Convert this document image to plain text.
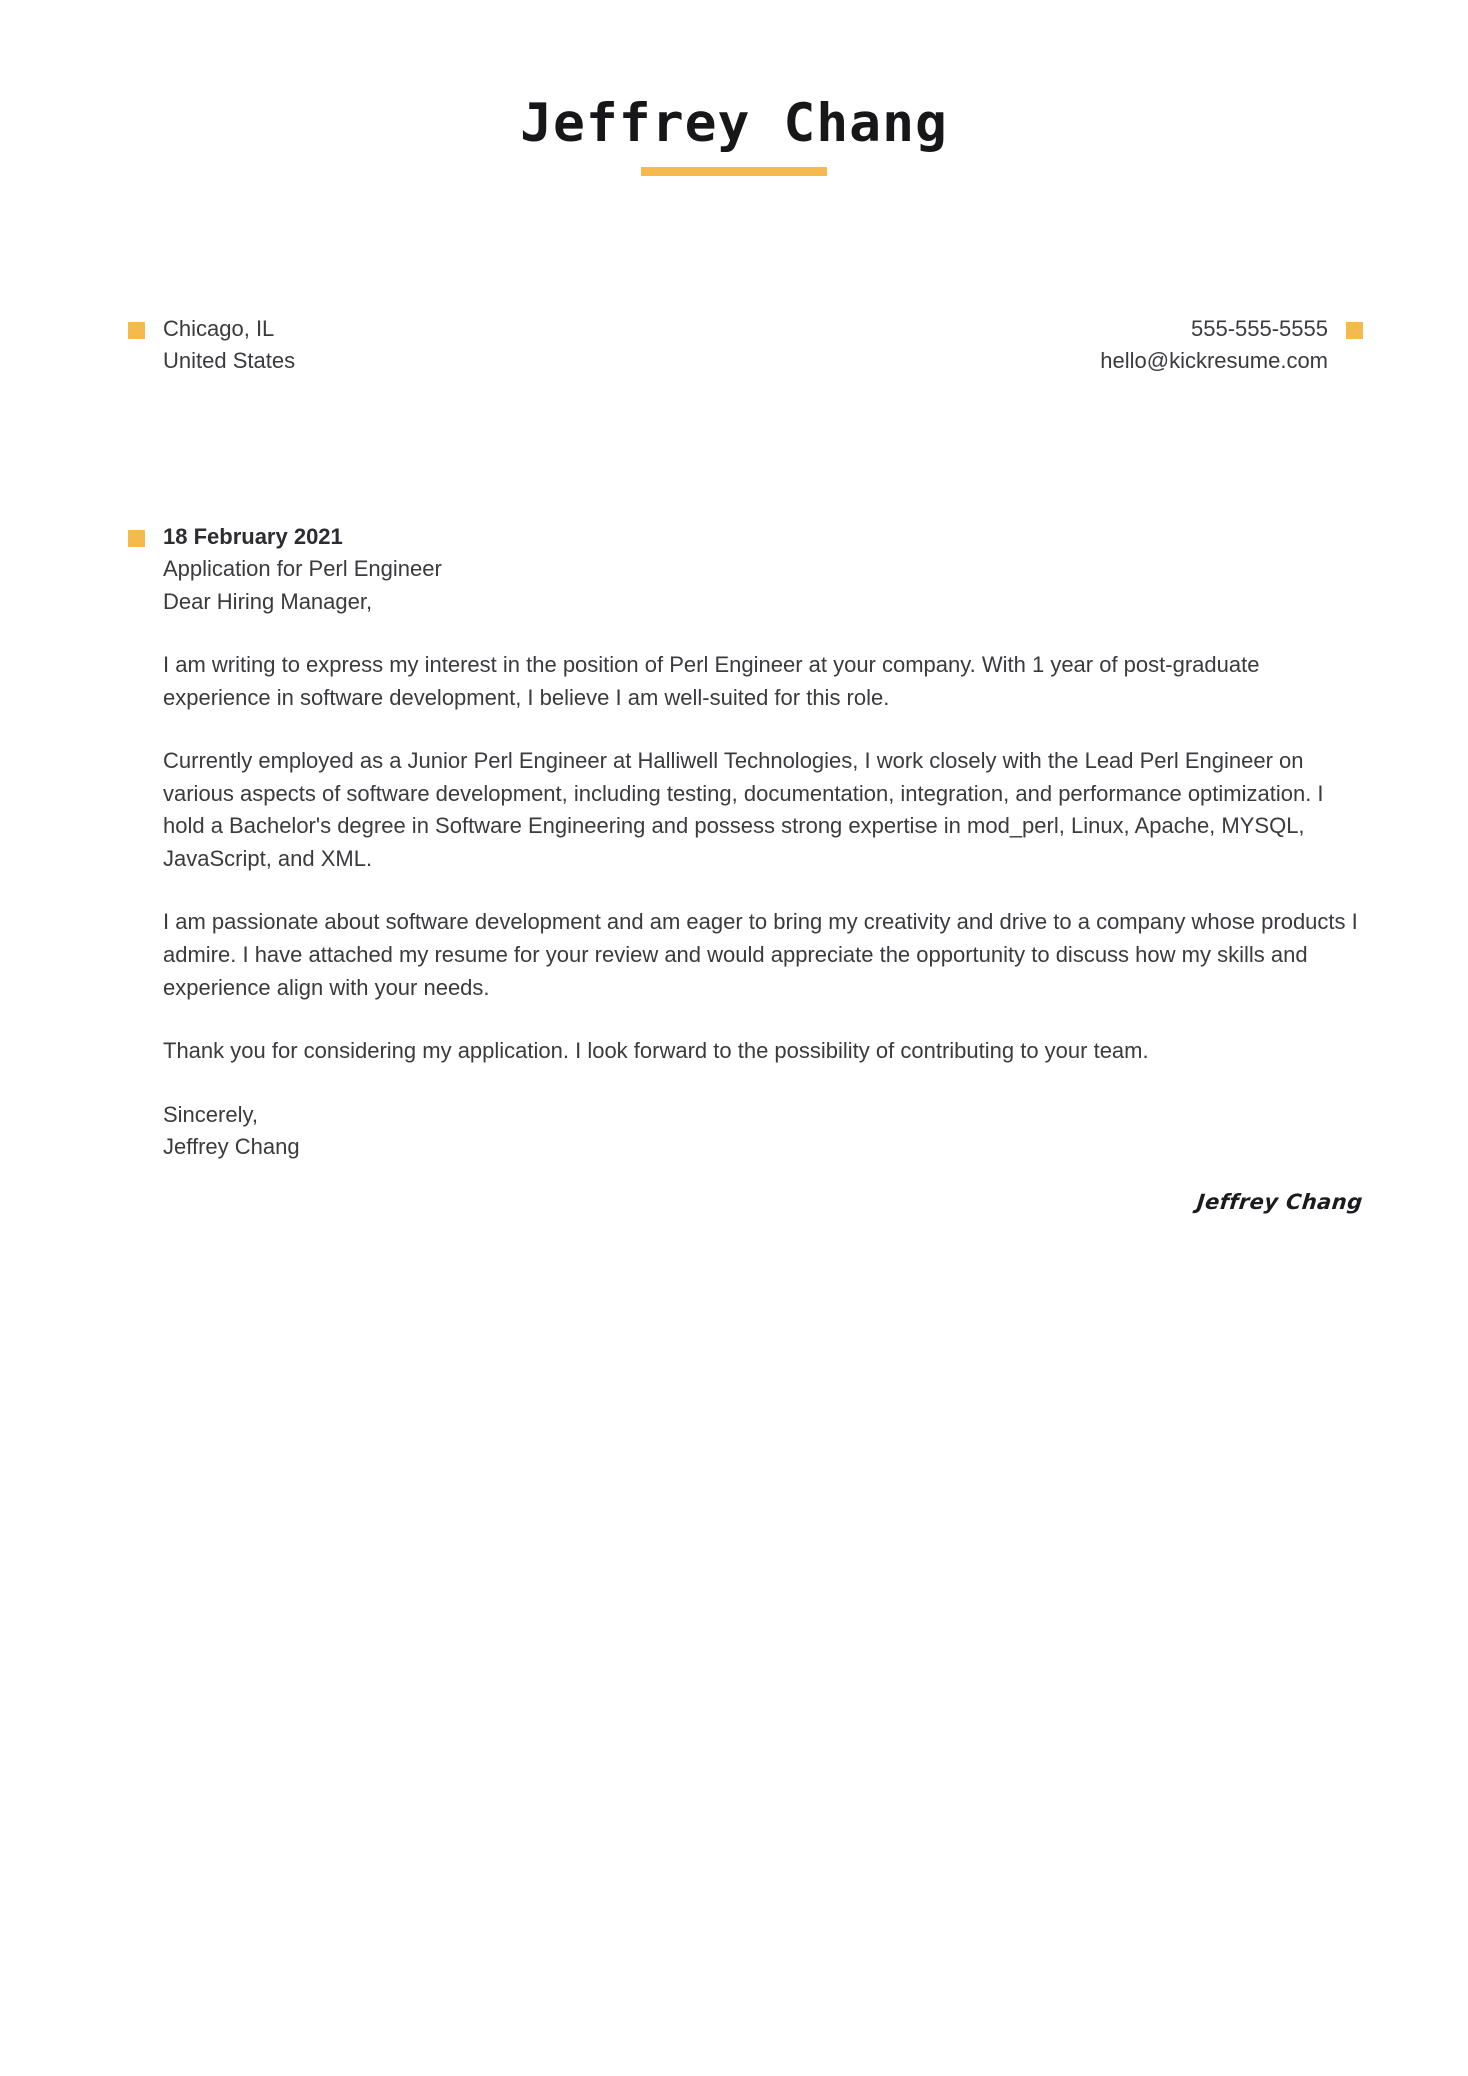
Jeffrey Chang
Chicago, IL
United States
555-555-5555
hello@kickresume.com
18 February 2021
Application for Perl Engineer

Dear Hiring Manager,

I am writing to express my interest in the position of Perl Engineer at your company. With 1 year of post-graduate experience in software development, I believe I am well-suited for this role.

Currently employed as a Junior Perl Engineer at Halliwell Technologies, I work closely with the Lead Perl Engineer on various aspects of software development, including testing, documentation, integration, and performance optimization. I hold a Bachelor's degree in Software Engineering and possess strong expertise in mod_perl, Linux, Apache, MYSQL, JavaScript, and XML.

I am passionate about software development and am eager to bring my creativity and drive to a company whose products I admire. I have attached my resume for your review and would appreciate the opportunity to discuss how my skills and experience align with your needs.

Thank you for considering my application. I look forward to the possibility of contributing to your team.

Sincerely,
Jeffrey Chang

Jeffrey Chang
